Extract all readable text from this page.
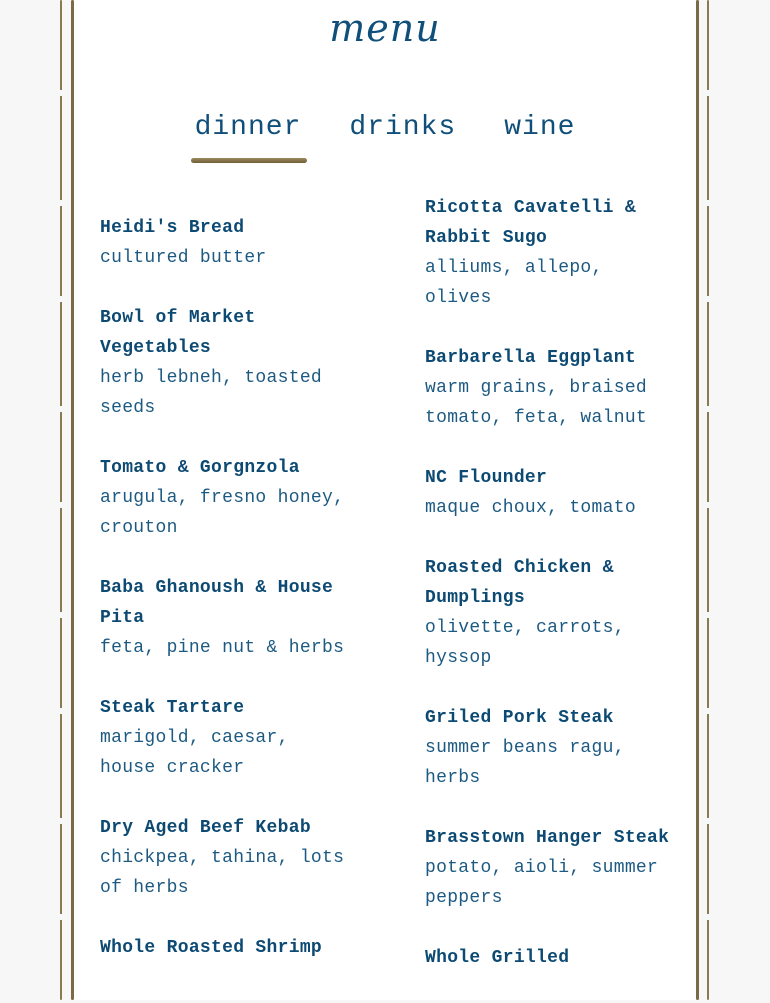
menu
dinner drinks wine
Heidi's Bread
cultured butter
Bowl of Market Vegetables
herb lebneh, toasted seeds
Tomato & Gorgnzola
arugula, fresno honey, crouton
Baba Ghanoush & House Pita
feta, pine nut & herbs
Steak Tartare
marigold, caesar, house cracker
Dry Aged Beef Kebab
chickpea, tahina, lots of herbs
Whole Roasted Shrimp
Ricotta Cavatelli & Rabbit Sugo
alliums, allepo, olives
Barbarella Eggplant
warm grains, braised tomato, feta, walnut
NC Flounder
maque choux, tomato
Roasted Chicken & Dumplings
olivette, carrots, hyssop
Griled Pork Steak
summer beans ragu, herbs
Brasstown Hanger Steak
potato, aioli, summer peppers
Whole Grilled
